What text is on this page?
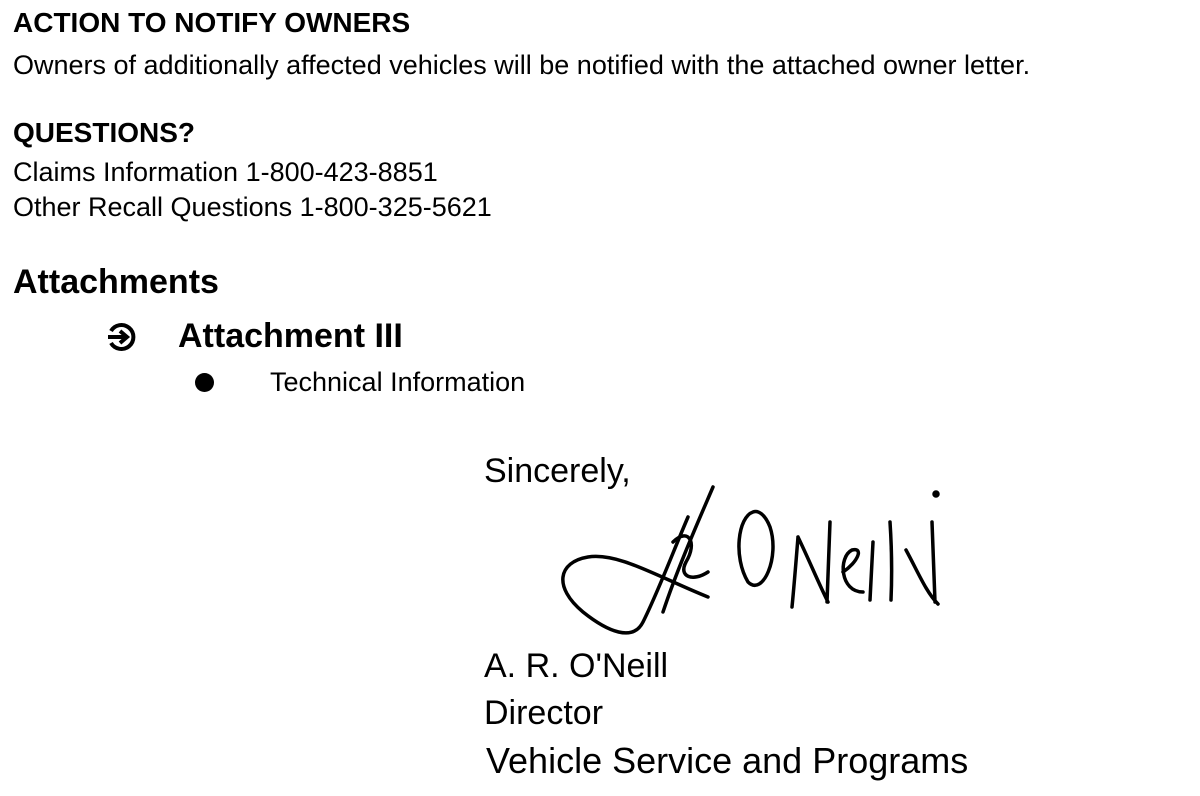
ACTION TO NOTIFY OWNERS
Owners of additionally affected vehicles will be notified with the attached owner letter.
QUESTIONS?
Claims Information 1-800-423-8851
Other Recall Questions 1-800-325-5621
Attachments
Attachment III
Technical Information
Sincerely,
A. R. O'Neill
Director
Vehicle Service and Programs
